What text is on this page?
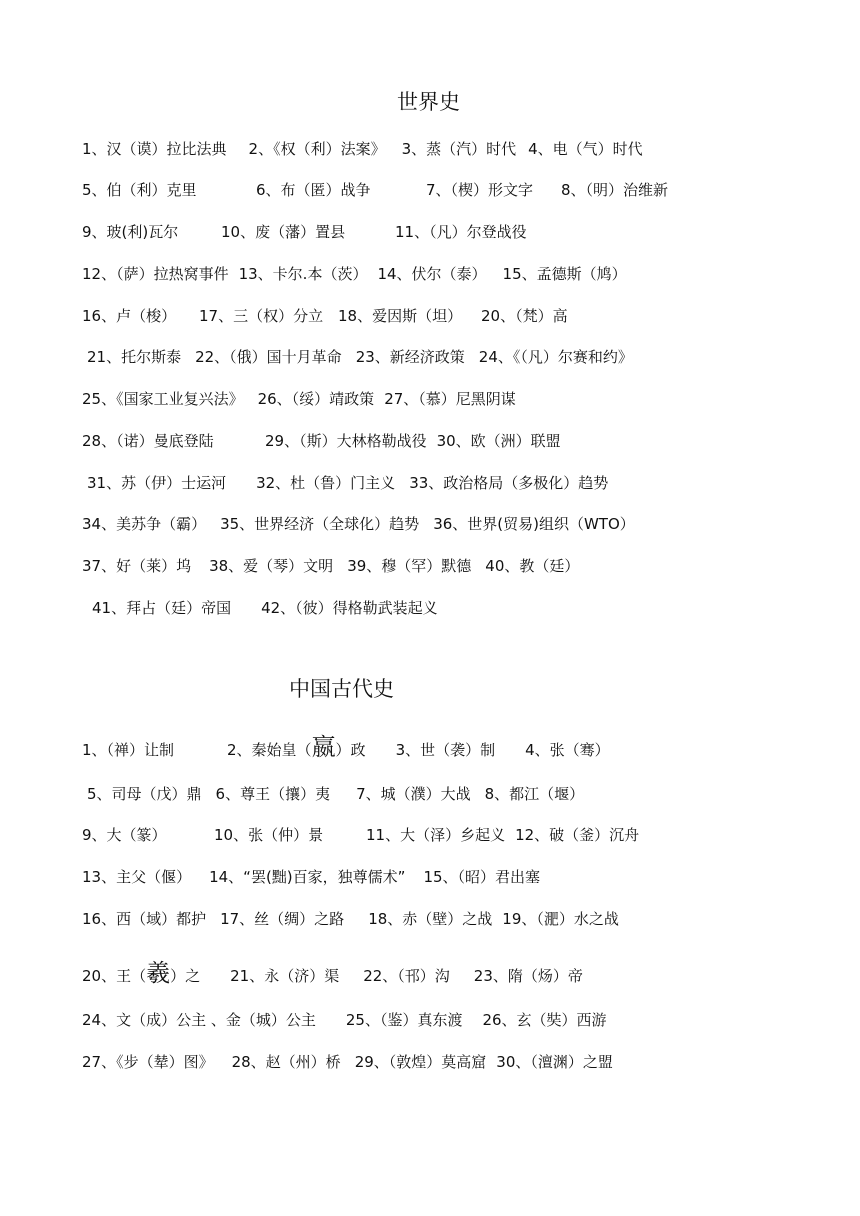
世界史
1、汉（谟）拉比法典 2、《权（利）法案》 3、蒸（汽）时代 4、电（气）时代
5、伯（利）克里	6、布（匿）战争	7、（楔）形文字 8、（明）治维新
9、玻(利)瓦尔	10、废（藩）置县	11、（凡）尔登战役
12、（萨）拉热窝事件 13、卡尔.本（茨） 14、伏尔（泰） 15、孟德斯（鸠）
16、卢（梭） 17、三（权）分立 18、爱因斯（坦） 20、（梵）高
21、托尔斯泰 22、（俄）国十月革命 23、新经济政策 24、《（凡）尔赛和约》
25、《国家工业复兴法》 26、（绥）靖政策 27、（慕）尼黑阴谋
28、（诺）曼底登陆	29、（斯）大林格勒战役 30、欧（洲）联盟
31、苏（伊）士运河 32、杜（鲁）门主义 33、政治格局（多极化）趋势
34、美苏争（霸） 35、世界经济（全球化）趋势 36、世界(贸易)组织（WTO）
37、好（莱）坞 38、爱（琴）文明 39、穆（罕）默德 40、教（廷）
41、拜占（廷）帝国 42、（彼）得格勒武装起义
中国古代史
1、（禅）让制	2、秦始皇（嬴）政 3、世（袭）制 4、张（骞）
5、司母（戊）鼎 6、尊王（攘）夷 7、城（濮）大战 8、都江（堰）
9、大（篆）	10、张（仲）景	11、大（泽）乡起义 12、破（釜）沉舟
13、主父（偃） 14、“罢(黜)百家，独尊儒术” 15、（昭）君出塞
16、西（域）都护 17、丝（绸）之路 18、赤（壁）之战 19、（淝）水之战
20、王（羲）之 21、永（济）渠 22、（邗）沟 23、隋（炀）帝
24、文（成）公主 、金（城）公主 25、（鉴）真东渡 26、玄（奘）西游
27、《步（辇）图》 28、赵（州）桥 29、（敦煌）莫高窟 30、（澶渊）之盟
